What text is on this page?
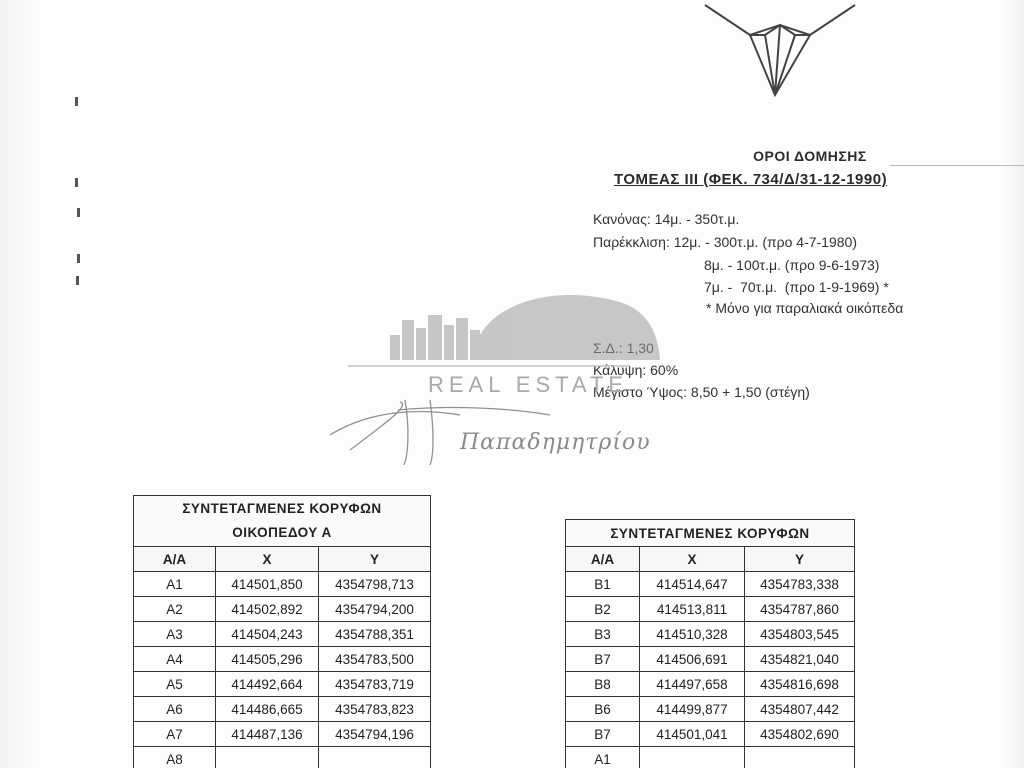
ΟΡΟΙ ΔΟΜΗΣΗΣ
ΤΟΜΕΑΣ ΙΙΙ (ΦΕΚ. 734/Δ/31-12-1990)
Κανόνας: 14μ. - 350τ.μ.
Παρέκκλιση: 12μ. - 300τ.μ. (προ 4-7-1980)
8μ. - 100τ.μ. (προ 9-6-1973)
7μ. -  70τ.μ.  (προ 1-9-1969) *
* Μόνο για παραλιακά οικόπεδα
Κάλυψη: 60%
Μέγιστο Ύψος: 8,50 + 1,50 (στέγη)
REAL ESTATE
Παπαδημητρίου
ΣΥΝΤΕΤΑΓΜΕΝΕΣ ΚΟΡΥΦΩΝ
ΟΙΚΟΠΕΔΟΥ Α		
Α/Α	X	Y
A1	414501,850	4354798,713
A2	414502,892	4354794,200
A3	414504,243	4354788,351
A4	414505,296	4354783,500
A5	414492,664	4354783,719
A6	414486,665	4354783,823
A7	414487,136	4354794,196
A8		
ΣΥΝΤΕΤΑΓΜΕΝΕΣ ΚΟΡΥΦΩΝ		
Α/Α	X	Y
B1	414514,647	4354783,338
B2	414513,811	4354787,860
B3	414510,328	4354803,545
B7	414506,691	4354821,040
B8	414497,658	4354816,698
B6	414499,877	4354807,442
B7	414501,041	4354802,690
A1		
